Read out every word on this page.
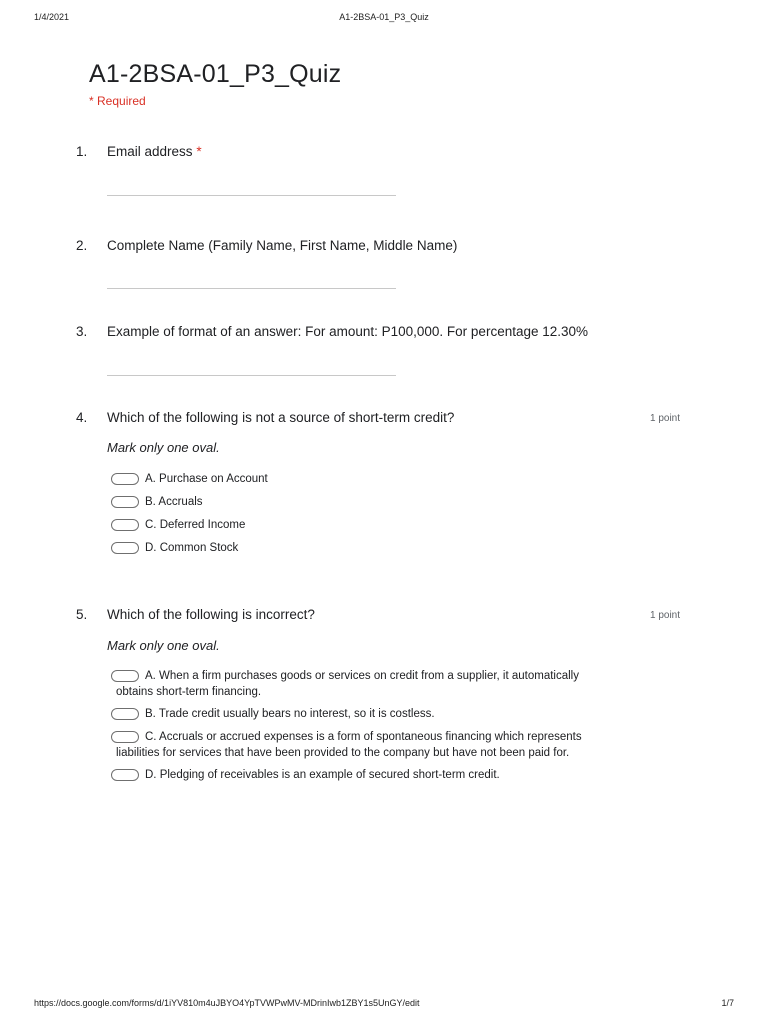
1/4/2021	A1-2BSA-01_P3_Quiz
A1-2BSA-01_P3_Quiz
* Required
1. Email address *
2. Complete Name (Family Name, First Name, Middle Name)
3. Example of format of an answer: For amount: P100,000. For percentage 12.30%
4. Which of the following is not a source of short-term credit?	1 point
Mark only one oval.
A. Purchase on Account
B. Accruals
C. Deferred Income
D. Common Stock
5. Which of the following is incorrect?	1 point
Mark only one oval.
A. When a firm purchases goods or services on credit from a supplier, it automatically
obtains short-term financing.
B. Trade credit usually bears no interest, so it is costless.
C. Accruals or accrued expenses is a form of spontaneous financing which represents
liabilities for services that have been provided to the company but have not been paid for.
D. Pledging of receivables is an example of secured short-term credit.
https://docs.google.com/forms/d/1iYV810m4uJBYO4YpTVWPwMV-MDrinIwb1ZBY1s5UnGY/edit	1/7
